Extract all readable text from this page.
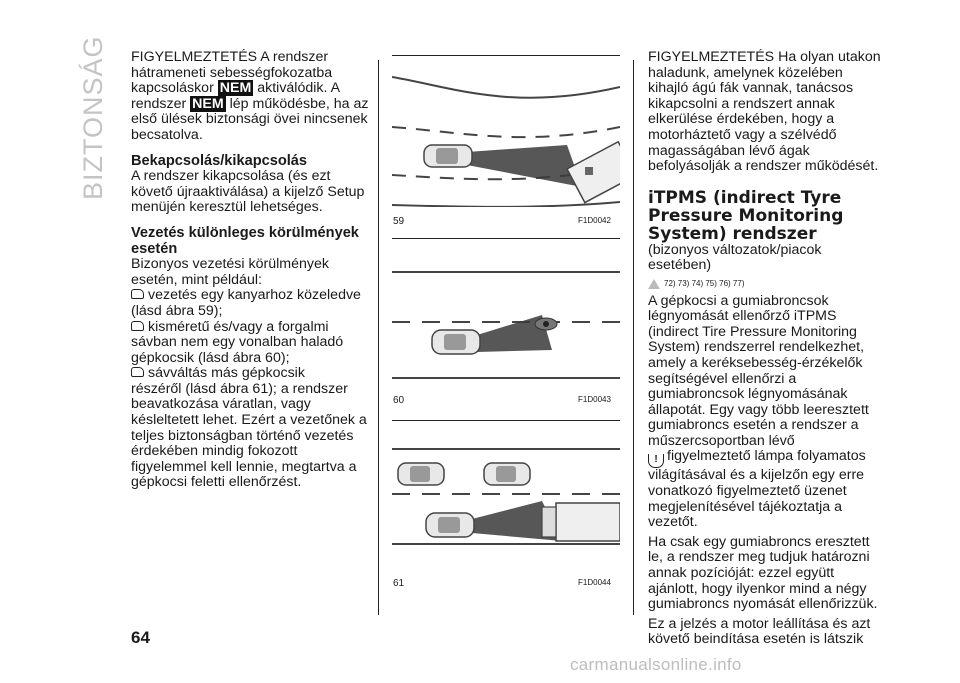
BIZTONSÁG	FIGYELMEZTETÉS A rendszer hátrameneti sebességfokozatba kapcsoláskor NEM aktiválódik. A rendszer NEM lép működésbe, ha az első ülések biztonsági övei nincsenek becsatolva.

Bekapcsolás/kikapcsolás

A rendszer kikapcsolása (és ezt követő újraaktiválása) a kijelző Setup menüjén keresztül lehetséges.

Vezetés különleges körülmények esetén

Bizonyos vezetési körülmények esetén, mint például:

vezetés egy kanyarhoz közeledve (lásd ábra 59);

kisméretű és/vagy a forgalmi sávban nem egy vonalban haladó gépkocsik (lásd ábra 60);

sávváltás más gépkocsik

részéről (lásd ábra 61); a rendszer beavatkozása váratlan, vagy késleltetett lehet. Ezért a vezetőnek a teljes biztonságban történő vezetés érdekében mindig fokozott figyelemmel kell lennie, megtartva a gépkocsi feletti ellenőrzést.

59	F1D0042
60	F1D0043
61	F1D0044

FIGYELMEZTETÉS Ha olyan utakon haladunk, amelynek közelében kihajló ágú fák vannak, tanácsos kikapcsolni a rendszert annak elkerülése érdekében, hogy a motorháztető vagy a szélvédő magasságában lévő ágak befolyásolják a rendszer működését.

iTPMS (indirect Tyre Pressure Monitoring System) rendszer

(bizonyos változatok/piacok esetében)

72) 73) 74) 75) 76) 77)

A gépkocsi a gumiabroncsok légnyomását ellenőrző iTPMS (indirect Tire Pressure Monitoring System) rendszerrel rendelkezhet, amely a keréksebesség-érzékelők segítségével ellenőrzi a gumiabroncsok légnyomásának állapotát. Egy vagy több leeresztett gumiabroncs esetén a rendszer a műszercsoportban lévő
! figyelmeztető lámpa folyamatos világításával és a kijelzőn egy erre vonatkozó figyelmeztető üzenet megjelenítésével tájékoztatja a vezetőt.

Ha csak egy gumiabroncs eresztett le, a rendszer meg tudjuk határozni annak pozícióját: ezzel együtt ajánlott, hogy ilyenkor mind a négy gumiabroncs nyomását ellenőrizzük.

Ez a jelzés a motor leállítása és azt követő beindítása esetén is látszik

64
carmanualsonline.info
